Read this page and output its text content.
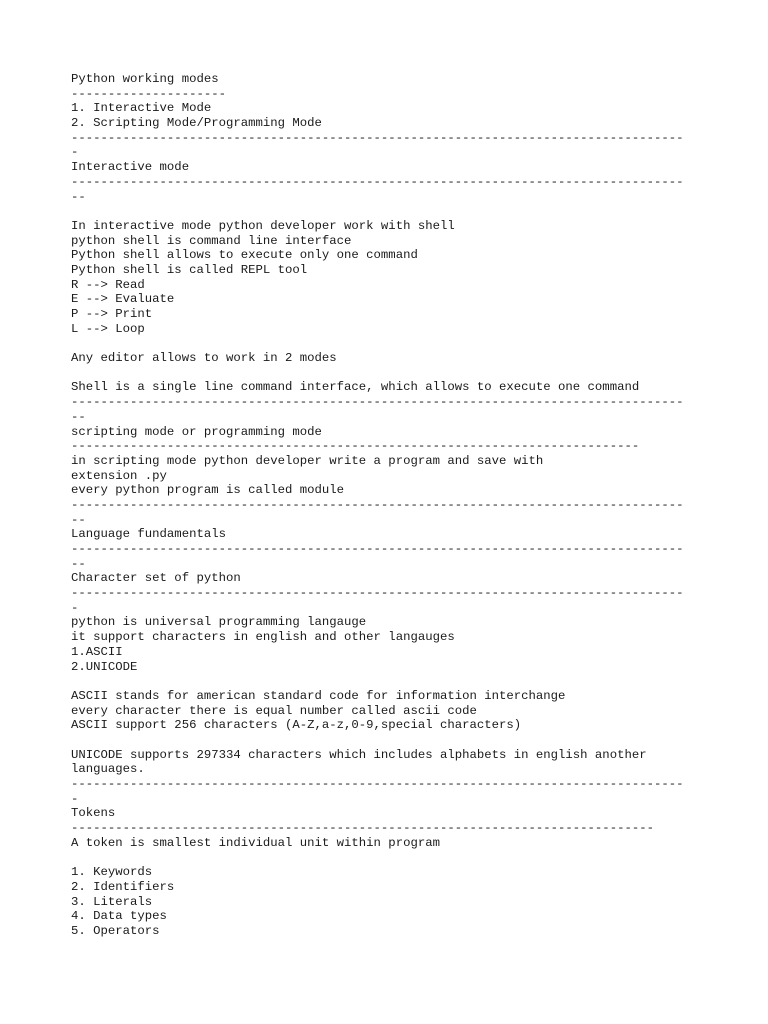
Python working modes
---------------------
1. Interactive Mode
2. Scripting Mode/Programming Mode
-----------------------------------------------------------------------------------
-
Interactive mode
-----------------------------------------------------------------------------------
--
In interactive mode python developer work with shell
python shell is command line interface
Python shell allows to execute only one command
Python shell is called REPL tool
R --> Read
E --> Evaluate
P --> Print
L --> Loop
Any editor allows to work in 2 modes
Shell is a single line command interface, which allows to execute one command
-----------------------------------------------------------------------------------
--
scripting mode or programming mode
-----------------------------------------------------------------------------
in scripting mode python developer write a program and save with
extension .py
every python program is called module
-----------------------------------------------------------------------------------
--
Language fundamentals
-----------------------------------------------------------------------------------
--
Character set of python
-----------------------------------------------------------------------------------
-
python is universal programming langauge
it support characters in english and other langauges
1.ASCII
2.UNICODE
ASCII stands for american standard code for information interchange
every character there is equal number called ascii code
ASCII support 256 characters (A-Z,a-z,0-9,special characters)
UNICODE supports 297334 characters which includes alphabets in english another
languages.
-----------------------------------------------------------------------------------
-
Tokens
-------------------------------------------------------------------------------
A token is smallest individual unit within program
1. Keywords
2. Identifiers
3. Literals
4. Data types
5. Operators
